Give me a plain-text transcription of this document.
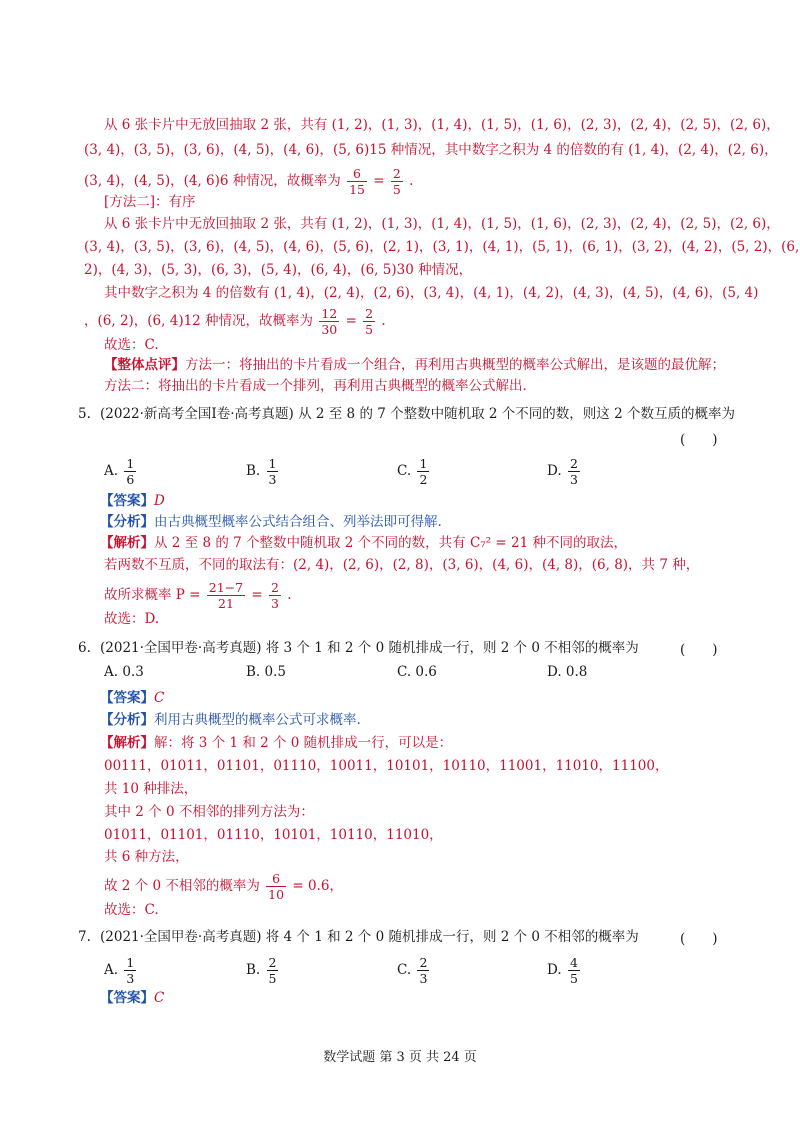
从 6 张卡片中无放回抽取 2 张，共有 (1, 2)，(1, 3)，(1, 4)，(1, 5)，(1, 6)，(2, 3)，(2, 4)，(2, 5)，(2, 6)，
(3, 4)，(3, 5)，(3, 6)，(4, 5)，(4, 6)，(5, 6)15 种情况，其中数字之积为 4 的倍数的有 (1, 4)，(2, 4)，(2, 6)，
(3, 4)，(4, 5)，(4, 6)6 种情况，故概率为 $\frac{6}{15} = \frac{2}{5}$ .
[方法二]：有序
从 6 张卡片中无放回抽取 2 张，共有 (1, 2)，(1, 3)，(1, 4)，(1, 5)，(1, 6)，(2, 3)，(2, 4)，(2, 5)，(2, 6)，
(3, 4)，(3, 5)，(3, 6)，(4, 5)，(4, 6)，(5, 6)，(2, 1)，(3, 1)，(4, 1)，(5, 1)，(6, 1)，(3, 2)，(4, 2)，(5, 2)，(6,
2)，(4, 3)，(5, 3)，(6, 3)，(5, 4)，(6, 4)，(6, 5)30 种情况，
其中数字之积为 4 的倍数有 (1, 4)，(2, 4)，(2, 6)，(3, 4)，(4, 1)，(4, 2)，(4, 3)，(4, 5)，(4, 6)，(5, 4)
，(6, 2)，(6, 4)12 种情况，故概率为 $\frac{12}{30} = \frac{2}{5}$ .
故选：C.
【整体点评】方法一：将抽出的卡片看成一个组合，再利用古典概型的概率公式解出，是该题的最优解；
方法二：将抽出的卡片看成一个排列，再利用古典概型的概率公式解出．
5. (2022·新高考全国Ⅰ卷·高考真题) 从 2 至 8 的 7 个整数中随机取 2 个不同的数，则这 2 个数互质的概率为
(　　)
A. $\frac{1}{6}$	B. $\frac{1}{3}$	C. $\frac{1}{2}$	D. $\frac{2}{3}$
【答案】D
【分析】由古典概型概率公式结合组合、列举法即可得解.
【解析】从 2 至 8 的 7 个整数中随机取 2 个不同的数，共有 C₇² = 21 种不同的取法，
若两数不互质，不同的取法有：(2, 4)，(2, 6)，(2, 8)，(3, 6)，(4, 6)，(4, 8)，(6, 8)，共 7 种，
故所求概率 $P = \frac{21-7}{21} = \frac{2}{3}$ .
故选：D.
6. (2021·全国甲卷·高考真题) 将 3 个 1 和 2 个 0 随机排成一行，则 2 个 0 不相邻的概率为	(　　)
A. 0.3	B. 0.5	C. 0.6	D. 0.8
【答案】C
【分析】利用古典概型的概率公式可求概率.
【解析】解：将 3 个 1 和 2 个 0 随机排成一行，可以是：
00111，01011，01101，01110，10011，10101，10110，11001，11010，11100，
共 10 种排法，
其中 2 个 0 不相邻的排列方法为：
01011，01101，01110，10101，10110，11010，
共 6 种方法，
故 2 个 0 不相邻的概率为 $\frac{6}{10} = 0.6$，
故选：C.
7. (2021·全国甲卷·高考真题) 将 4 个 1 和 2 个 0 随机排成一行，则 2 个 0 不相邻的概率为	(　　)
A. $\frac{1}{3}$	B. $\frac{2}{5}$	C. $\frac{2}{3}$	D. $\frac{4}{5}$
【答案】C
数学试题 第 3 页 共 24 页
